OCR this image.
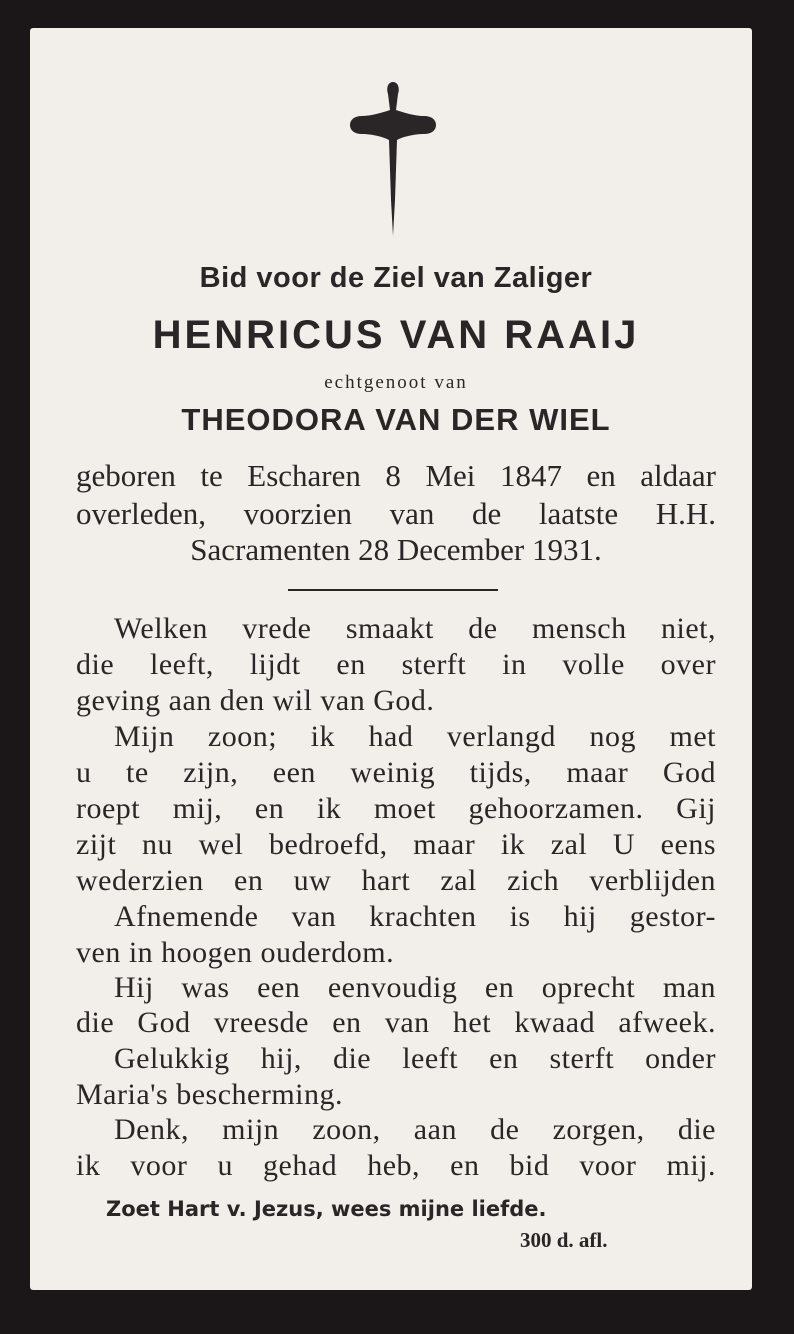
Bid voor de Ziel van Zaliger
HENRICUS VAN RAAIJ
echtgenoot van
THEODORA VAN DER WIEL
geboren te Escharen 8 Mei 1847 en aldaar
overleden, voorzien van de laatste H.H.
Sacramenten 28 December 1931.
Welken vrede smaakt de mensch niet,
die leeft, lijdt en sterft in volle over
geving aan den wil van God.
Mijn zoon; ik had verlangd nog met
u te zijn, een weinig tijds, maar God
roept mij, en ik moet gehoorzamen. Gij
zijt nu wel bedroefd, maar ik zal U eens
wederzien en uw hart zal zich verblijden
Afnemende van krachten is hij gestor-
ven in hoogen ouderdom.
Hij was een eenvoudig en oprecht man
die God vreesde en van het kwaad afweek.
Gelukkig hij, die leeft en sterft onder
Maria's bescherming.
Denk, mijn zoon, aan de zorgen, die
ik voor u gehad heb, en bid voor mij.
Zoet Hart v. Jezus, wees mijne liefde.
300 d. afl.
